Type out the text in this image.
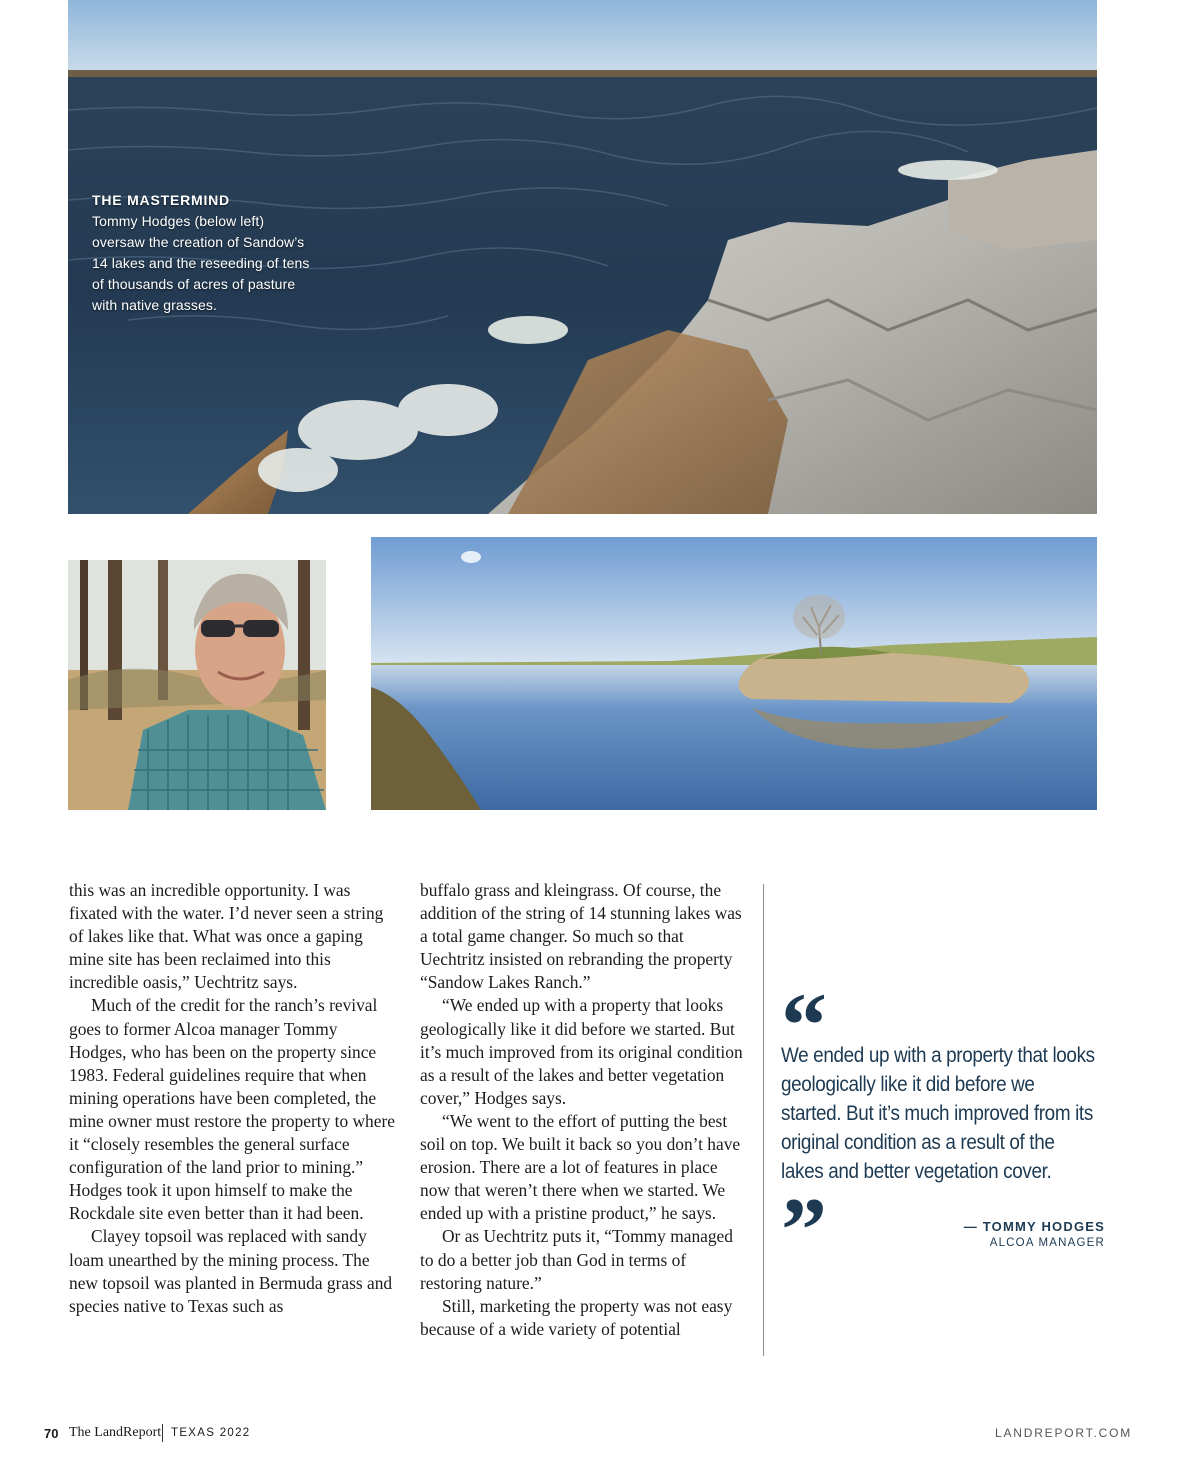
THE MASTERMIND
Tommy Hodges (below left) oversaw the creation of Sandow’s 14 lakes and the reseeding of tens of thousands of acres of pasture with native grasses.

this was an incredible opportunity. I was fixated with the water. I’d never seen a string of lakes like that. What was once a gaping mine site has been reclaimed into this incredible oasis,” Uechtritz says.

Much of the credit for the ranch’s revival goes to former Alcoa manager Tommy Hodges, who has been on the property since 1983. Federal guidelines require that when mining operations have been completed, the mine owner must restore the property to where it “closely resembles the general surface configuration of the land prior to mining.” Hodges took it upon himself to make the Rockdale site even better than it had been.

Clayey topsoil was replaced with sandy loam unearthed by the mining process. The new topsoil was planted in Bermuda grass and species native to Texas such as

buffalo grass and kleingrass. Of course, the addition of the string of 14 stunning lakes was a total game changer. So much so that Uechtritz insisted on rebranding the property “Sandow Lakes Ranch.”

“We ended up with a property that looks geologically like it did before we started. But it’s much improved from its original condition as a result of the lakes and better vegetation cover,” Hodges says.

“We went to the effort of putting the best soil on top. We built it back so you don’t have erosion. There are a lot of features in place now that weren’t there when we started. We ended up with a pristine product,” he says.

Or as Uechtritz puts it, “Tommy managed to do a better job than God in terms of restoring nature.”

Still, marketing the property was not easy because of a wide variety of potential

“
We ended up with a property that looks geologically like it did before we started. But it’s much improved from its original condition as a result of the lakes and better vegetation cover.
”	— TOMMY HODGES
ALCOA MANAGER
70 The LandReport TEXAS 2022	LANDREPORT.COM
